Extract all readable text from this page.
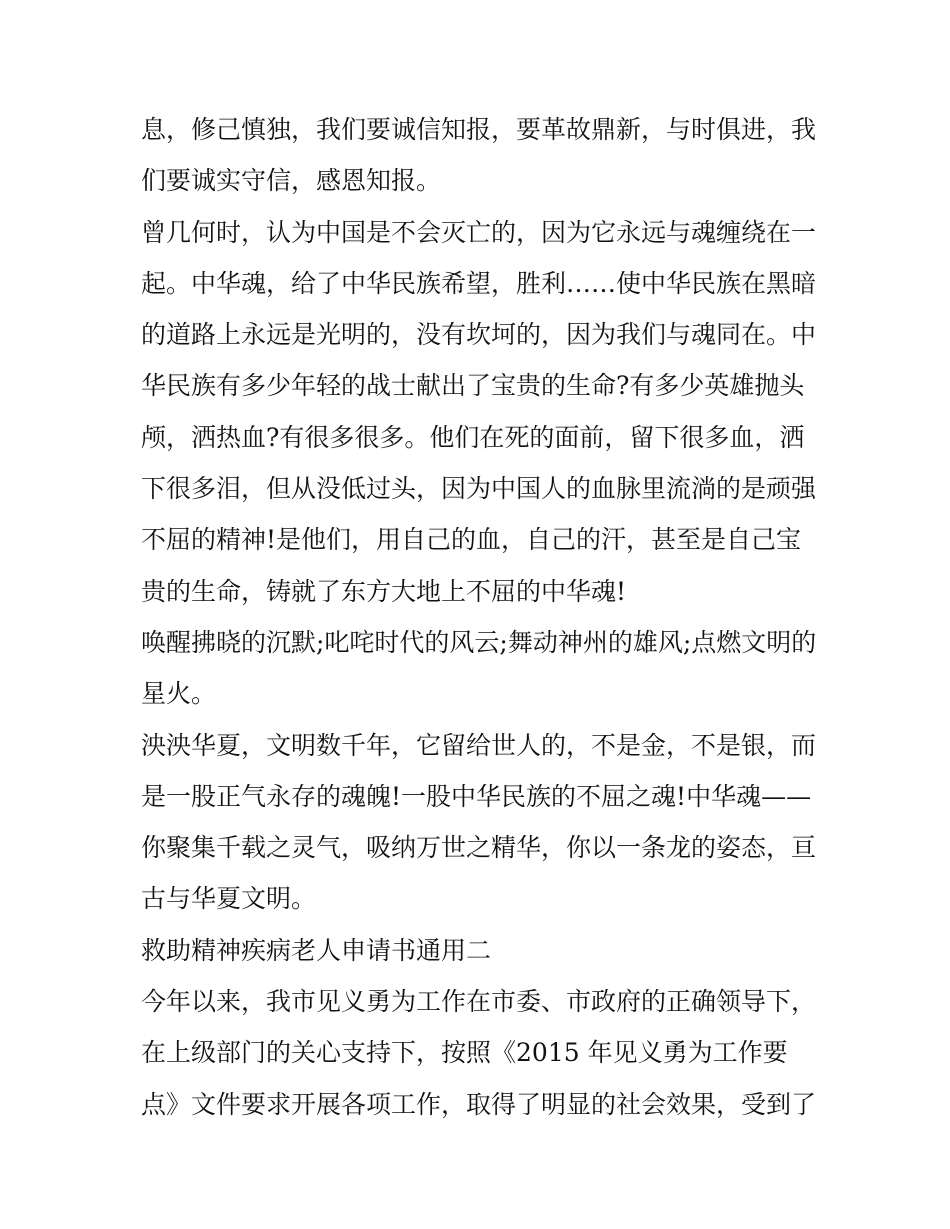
息，修己慎独，我们要诚信知报，要革故鼎新，与时俱进，我
们要诚实守信，感恩知报。
曾几何时，认为中国是不会灭亡的，因为它永远与魂缠绕在一
起。中华魂，给了中华民族希望，胜利……使中华民族在黑暗
的道路上永远是光明的，没有坎坷的，因为我们与魂同在。中
华民族有多少年轻的战士献出了宝贵的生命?有多少英雄抛头
颅，洒热血?有很多很多。他们在死的面前，留下很多血，洒
下很多泪，但从没低过头，因为中国人的血脉里流淌的是顽强
不屈的精神!是他们，用自己的血，自己的汗，甚至是自己宝
贵的生命，铸就了东方大地上不屈的中华魂!
唤醒拂晓的沉默;叱咤时代的风云;舞动神州的雄风;点燃文明的
星火。
泱泱华夏，文明数千年，它留给世人的，不是金，不是银，而
是一股正气永存的魂魄!一股中华民族的不屈之魂!中华魂——
你聚集千载之灵气，吸纳万世之精华，你以一条龙的姿态，亘
古与华夏文明。
救助精神疾病老人申请书通用二
今年以来，我市见义勇为工作在市委、市政府的正确领导下，
在上级部门的关心支持下，按照《2015 年见义勇为工作要
点》文件要求开展各项工作，取得了明显的社会效果，受到了
